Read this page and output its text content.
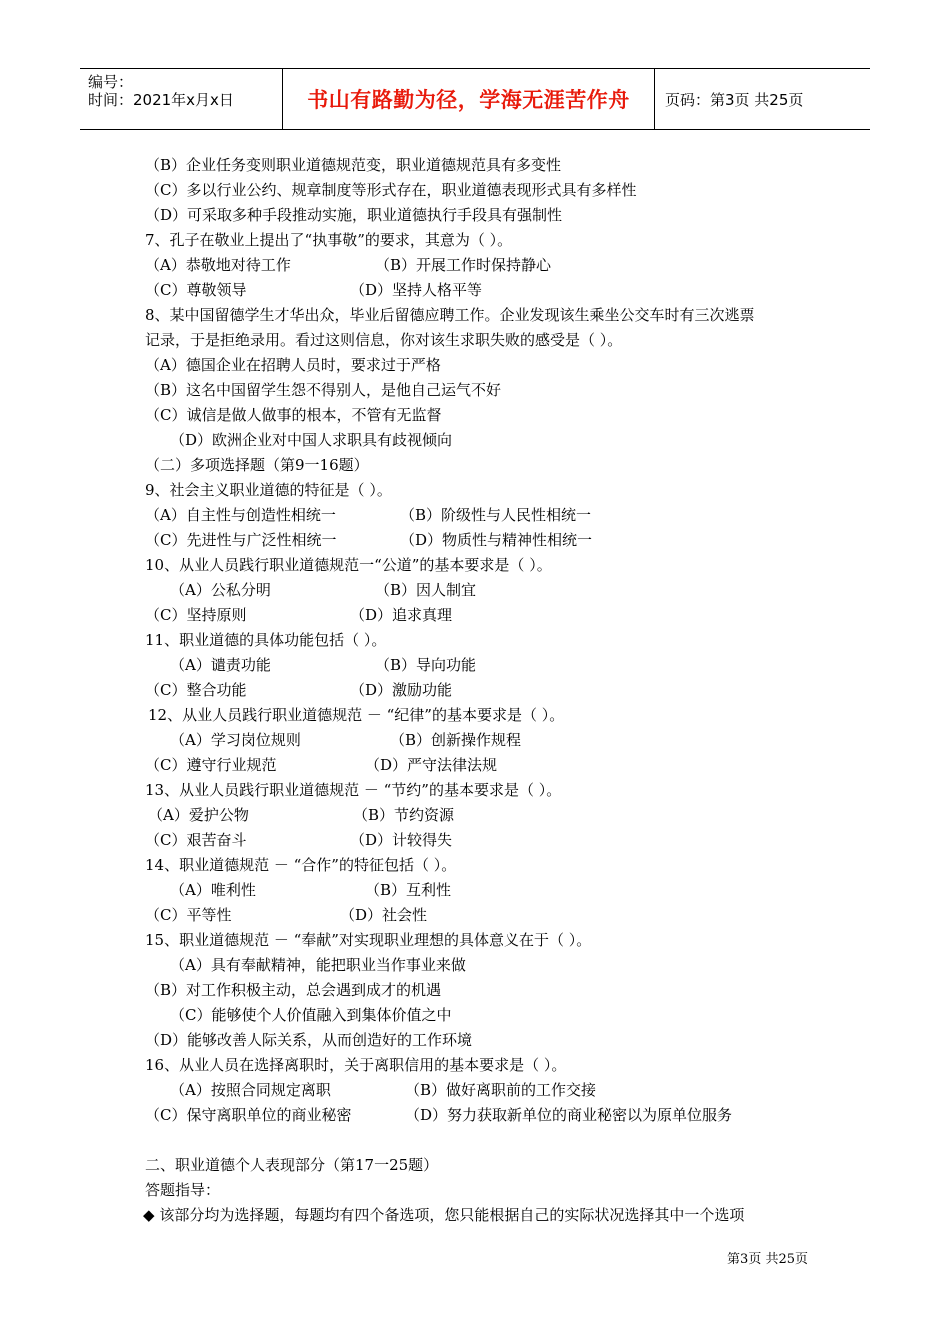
编号：
时间：2021年x月x日	书山有路勤为径，学海无涯苦作舟	页码：第3页 共25页
（B）企业任务变则职业道德规范变，职业道德规范具有多变性
（C）多以行业公约、规章制度等形式存在，职业道德表现形式具有多样性
（D）可采取多种手段推动实施，职业道德执行手段具有强制性
7、孔子在敬业上提出了“执事敬”的要求，其意为（ ）。
（A）恭敬地对待工作	（B）开展工作时保持静心
（C）尊敬领导	（D）坚持人格平等
8、某中国留德学生才华出众，毕业后留德应聘工作。企业发现该生乘坐公交车时有三次逃票
记录，于是拒绝录用。看过这则信息，你对该生求职失败的感受是（ ）。
（A）德国企业在招聘人员时，要求过于严格
（B）这名中国留学生怨不得别人，是他自己运气不好
（C）诚信是做人做事的根本，不管有无监督
（D）欧洲企业对中国人求职具有歧视倾向
（二）多项选择题（第9一16题）
9、社会主义职业道德的特征是（ ）。
（A）自主性与创造性相统一	（B）阶级性与人民性相统一
（C）先进性与广泛性相统一	（D）物质性与精神性相统一
10、从业人员践行职业道德规范一“公道”的基本要求是（ ）。
（A）公私分明	（B）因人制宜
（C）坚持原则	（D）追求真理
11、职业道德的具体功能包括（ ）。
（A）谴责功能	（B）导向功能
（C）整合功能	（D）激励功能
12、从业人员践行职业道德规范 － “纪律”的基本要求是（ ）。
（A）学习岗位规则	（B）创新操作规程
（C）遵守行业规范	（D）严守法律法规
13、从业人员践行职业道德规范 － “节约”的基本要求是（ ）。
（A）爱护公物	（B）节约资源
（C）艰苦奋斗	（D）计较得失
14、职业道德规范 － “合作”的特征包括（ ）。
（A）唯利性	（B）互利性
（C）平等性	（D）社会性
15、职业道德规范 － “奉献”对实现职业理想的具体意义在于（ ）。
（A）具有奉献精神，能把职业当作事业来做
（B）对工作积极主动，总会遇到成才的机遇
（C）能够使个人价值融入到集体价值之中
（D）能够改善人际关系，从而创造好的工作环境
16、从业人员在选择离职时，关于离职信用的基本要求是（ ）。
（A）按照合同规定离职	（B）做好离职前的工作交接
（C）保守离职单位的商业秘密	（D）努力获取新单位的商业秘密以为原单位服务
二、职业道德个人表现部分（第17一25题）
答题指导：
◆ 该部分均为选择题，每题均有四个备选项，您只能根据自己的实际状况选择其中一个选项
第3页 共25页
